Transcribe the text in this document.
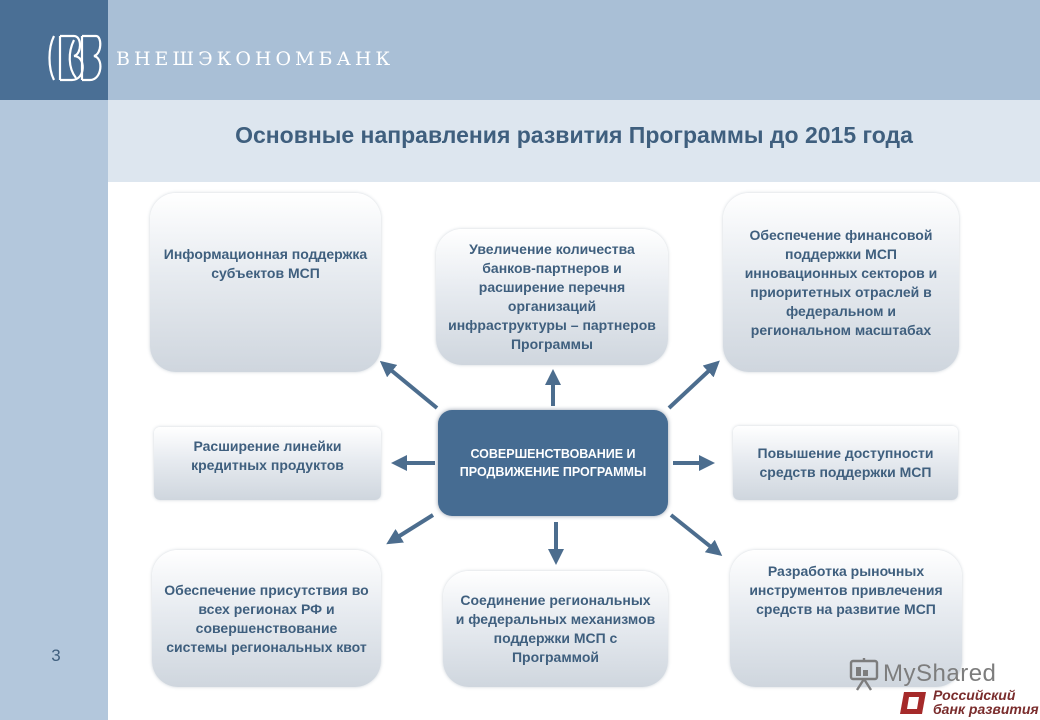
ВНЕШЭКОНОМБАНК
Основные направления развития Программы до 2015 года
3
Информационная поддержка субъектов МСП
Увеличение количества банков-партнеров и расширение перечня организаций инфраструктуры – партнеров Программы
Обеспечение финансовой поддержки МСП инновационных секторов и приоритетных отраслей в федеральном и региональном масштабах
Расширение линейки кредитных продуктов
СОВЕРШЕНСТВОВАНИЕ И
ПРОДВИЖЕНИЕ ПРОГРАММЫ
Повышение доступности средств поддержки МСП
Обеспечение присутствия во всех регионах РФ и совершенствование системы региональных квот
Соединение региональных и федеральных механизмов поддержки МСП с Программой
Разработка рыночных инструментов привлечения средств на развитие МСП
MyShared
Российский
банк развития
